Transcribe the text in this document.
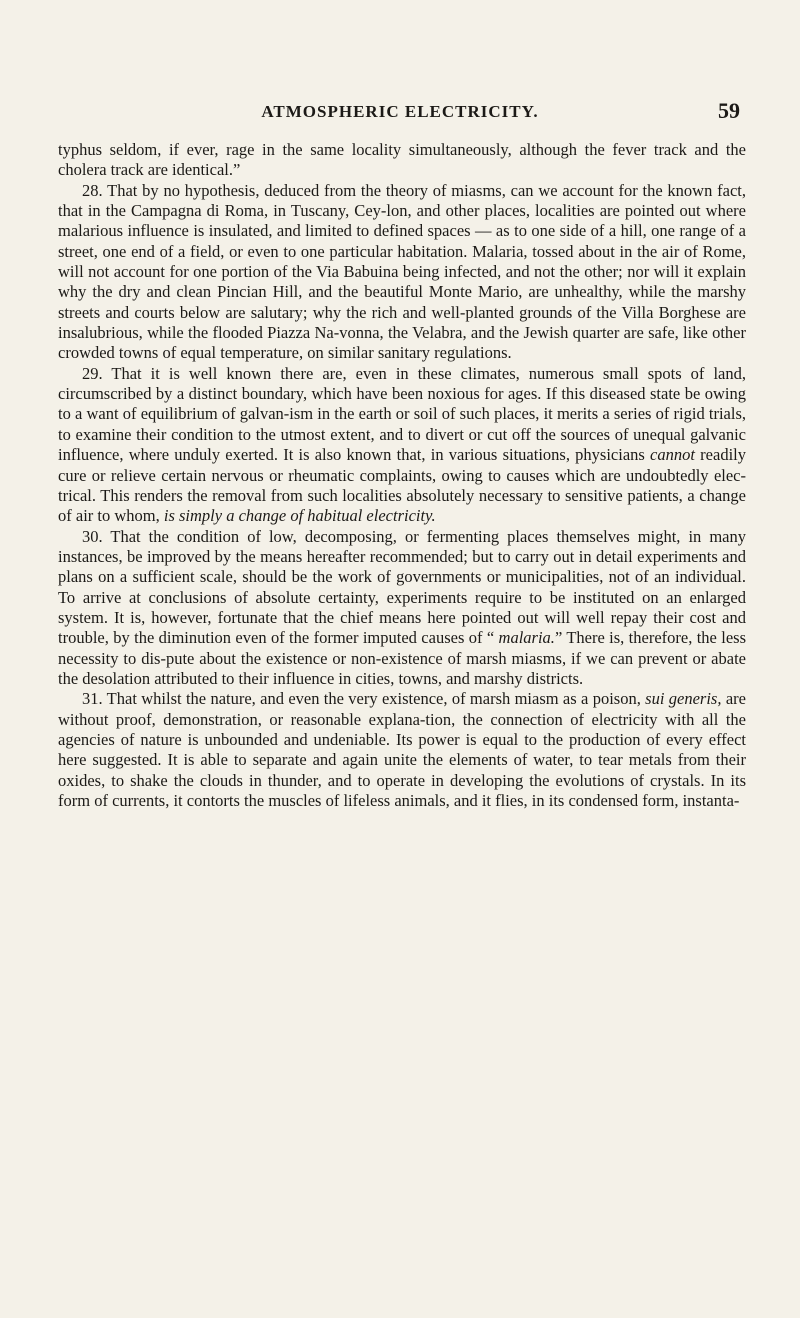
ATMOSPHERIC ELECTRICITY.	59

typhus seldom, if ever, rage in the same locality simultaneously, although the fever track and the cholera track are identical.”

28. That by no hypothesis, deduced from the theory of miasms, can we account for the known fact, that in the Campagna di Roma, in Tuscany, Cey-lon, and other places, localities are pointed out where malarious influence is insulated, and limited to defined spaces — as to one side of a hill, one range of a street, one end of a field, or even to one particular habitation. Malaria, tossed about in the air of Rome, will not account for one portion of the Via Babuina being infected, and not the other; nor will it explain why the dry and clean Pincian Hill, and the beautiful Monte Mario, are unhealthy, while the marshy streets and courts below are salutary; why the rich and well-planted grounds of the Villa Borghese are insalubrious, while the flooded Piazza Na-vonna, the Velabra, and the Jewish quarter are safe, like other crowded towns of equal temperature, on similar sanitary regulations.

29. That it is well known there are, even in these climates, numerous small spots of land, circumscribed by a distinct boundary, which have been noxious for ages. If this diseased state be owing to a want of equilibrium of galvan-ism in the earth or soil of such places, it merits a series of rigid trials, to examine their condition to the utmost extent, and to divert or cut off the sources of unequal galvanic influence, where unduly exerted. It is also known that, in various situations, physicians cannot readily cure or relieve certain nervous or rheumatic complaints, owing to causes which are undoubtedly elec-trical. This renders the removal from such localities absolutely necessary to sensitive patients, a change of air to whom, is simply a change of habitual electricity.

30. That the condition of low, decomposing, or fermenting places themselves might, in many instances, be improved by the means hereafter recommended; but to carry out in detail experiments and plans on a sufficient scale, should be the work of governments or municipalities, not of an individual. To arrive at conclusions of absolute certainty, experiments require to be instituted on an enlarged system. It is, however, fortunate that the chief means here pointed out will well repay their cost and trouble, by the diminution even of the former imputed causes of “ malaria.” There is, therefore, the less necessity to dis-pute about the existence or non-existence of marsh miasms, if we can prevent or abate the desolation attributed to their influence in cities, towns, and marshy districts.

31. That whilst the nature, and even the very existence, of marsh miasm as a poison, sui generis, are without proof, demonstration, or reasonable explana-tion, the connection of electricity with all the agencies of nature is unbounded and undeniable. Its power is equal to the production of every effect here suggested. It is able to separate and again unite the elements of water, to tear metals from their oxides, to shake the clouds in thunder, and to operate in developing the evolutions of crystals. In its form of currents, it contorts the muscles of lifeless animals, and it flies, in its condensed form, instanta-
